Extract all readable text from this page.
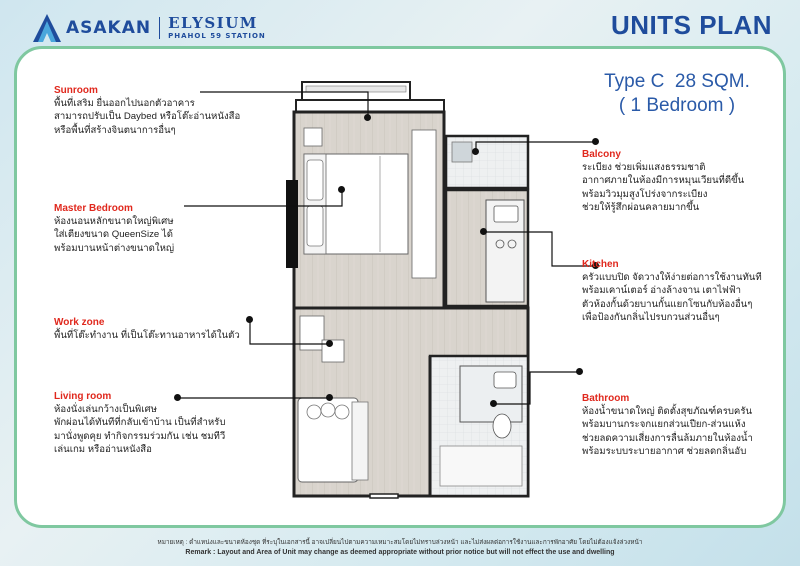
ASAKAN ELYSIUM
PHAHOL 59 STATION	UNITS PLAN
Type C  28 SQM.
( 1 Bedroom )
Sunroom
พื้นที่เสริม ยื่นออกไปนอกตัวอาคาร
สามารถปรับเป็น Daybed หรือโต๊ะอ่านหนังสือ
หรือพื้นที่สร้างจินตนาการอื่นๆ
Master Bedroom
ห้องนอนหลักขนาดใหญ่พิเศษ
ใส่เตียงขนาด QueenSize ได้
พร้อมบานหน้าต่างขนาดใหญ่
Work zone
พื้นที่โต๊ะทำงาน ที่เป็นโต๊ะทานอาหารได้ในตัว
Living room
ห้องนั่งเล่นกว้างเป็นพิเศษ
พักผ่อนได้ทันทีที่กลับเข้าบ้าน เป็นที่สำหรับ
มานั่งพูดคุย ทำกิจกรรมร่วมกัน เช่น ชมทีวี
เล่นเกม หรืออ่านหนังสือ
Balcony
ระเบียง ช่วยเพิ่มแสงธรรมชาติ
อากาศภายในห้องมีการหมุนเวียนที่ดีขึ้น
พร้อมวิวมุมสูงโปร่งจากระเบียง
ช่วยให้รู้สึกผ่อนคลายมากขึ้น
Kitchen
ครัวแบบปิด จัดวางให้ง่ายต่อการใช้งานทันที
พร้อมเคาน์เตอร์ อ่างล้างจาน เตาไฟฟ้า
ตัวห้องกั้นด้วยบานกั้นแยกโซนกับห้องอื่นๆ
เพื่อป้องกันกลิ่นไปรบกวนส่วนอื่นๆ
Bathroom
ห้องน้ำขนาดใหญ่ ติดตั้งสุขภัณฑ์ครบครัน
พร้อมบานกระจกแยกส่วนเปียก-ส่วนแห้ง
ช่วยลดความเสี่ยงการลื่นล้มภายในห้องน้ำ
พร้อมระบบระบายอากาศ ช่วยลดกลิ่นอับ
หมายเหตุ : ตำแหน่งและขนาดห้องชุด ที่ระบุในเอกสารนี้ อาจเปลี่ยนไปตามความเหมาะสมโดยไม่ทราบล่วงหน้า และไม่ส่งผลต่อการใช้งานและการพักอาศัย โดยไม่ต้องแจ้งล่วงหน้า
Remark : Layout and Area of Unit may change as deemed appropriate without prior notice but will not effect the use and dwelling
